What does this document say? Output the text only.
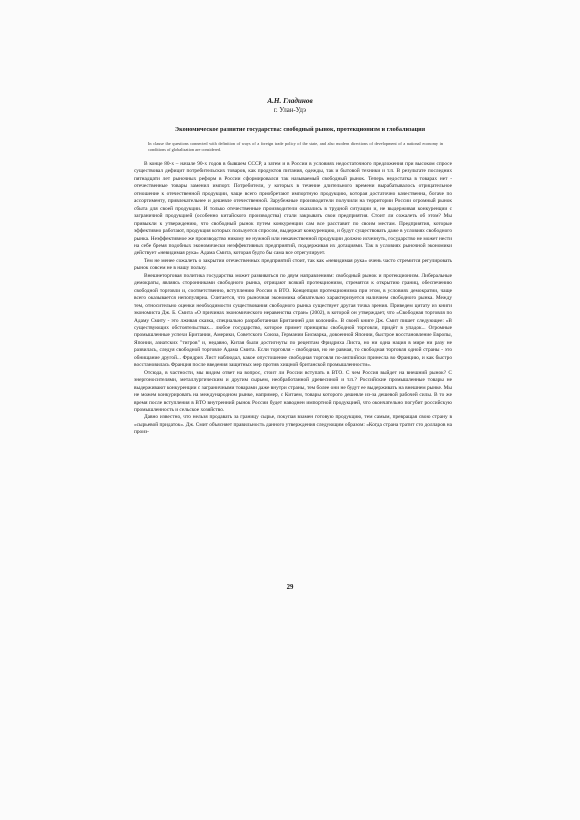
А.Н. Гладинов
г. Улан-Удэ
Экономическое развитие государства: свободный рынок, протекционизм и глобализация
In clause the questions connected with definition of ways of a foreign trade policy of the state, and also modern directions of development of a national economy in conditions of globalization are considered.

В конце 80-х – начале 90-х годов в бывшем СССР, а затем и в России в условиях недостаточного предложения при высоком спросе существовал дефицит потребительских товаров, как продуктов питания, одежды, так и бытовой техники и т.п. В результате последних пятнадцати лет рыночных реформ в России сформировался так называемый свободный рынок. Теперь недостатка в товарах нет - отечественные товары заменил импорт. Потребители, у которых в течение длительного времени вырабатывалось отрицательное отношение к отечественной продукции, чаще всего приобретают импортную продукцию, которая достаточно качественна, богаче по ассортименту, привлекательнее и дешевле отечественной. Зарубежные производители получили на территории России огромный рынок сбыта для своей продукции. И только отечественные производители оказались в трудной ситуации и, не выдерживая конкуренции с заграничной продукцией (особенно китайского производства) стали закрывать свои предприятия. Стоит ли сожалеть об этом? Мы привыкли к утверждению, что свободный рынок путем конкуренции сам все расставит по своим местам. Предприятия, которые эффективно работают, продукция которых пользуется спросом, выдержат конкуренцию, и будут существовать даже в условиях свободного рынка. Неэффективное же производство никому не нужной или некачественной продукции должно исчезнуть, государство не может нести на себе бремя подобных экономически неэффективных предприятий, поддерживая их дотациями. Так в условиях рыночной экономики действует «невидимая рука» Адама Смита, которая будто бы сама все отрегулирует.

Тем не менее сожалеть о закрытии отечественных предприятий стоит, так как «невидимая рука» очень часто стремится регулировать рынок совсем не в нашу пользу.

Внешнеторговая политика государства может развиваться по двум направлениям: свободный рынок и протекционизм. Либеральные демократы, являясь сторонниками свободного рынка, отрицают всякий протекционизм, стремятся к открытию границ, обеспечению свободной торговли и, соответственно, вступлению России в ВТО. Концепция протекционизма при этом, в условиях демократии, чаще всего оказывается непопулярна. Считается, что рыночная экономика обязательно характеризуется наличием свободного рынка. Между тем, относительно оценки необходимости существования свободного рынка существует другая точка зрения. Приведем цитату из книги экономиста Дж. Б. Смита «О причинах экономического неравенства стран» (2002), в которой он утверждает, что «Свободная торговля по Адаму Смиту - это лживая сказка, специально разработанная Британией для колоний». В своей книге Дж. Смит пишет следующее: «В существующих обстоятельствах... любое государство, которое примет принципы свободной торговли, придёт в упадок... Огромные промышленные успехи Британии, Америки, Советского Союза, Германии Бисмарка, довоенной Японии, быстрое восстановление Европы, Японии, азиатских "тигров" и, недавно, Китая были достигнуты по рецептам Фридриха Листа, но ни одна нация в мире ни разу не развилась, следуя свободной торговле Адама Смита. Если торговля - свободная, но не равная, то свободная торговля одной страны - это обнищание другой... Фридрих Лист наблюдал, какое опустошение свободная торговля по-английски принесла во Францию, и как быстро восстановилась Франция после введения защитных мер против хищной британской промышленности».

Отсюда, в частности, мы видим ответ на вопрос, стоит ли России вступать в ВТО. С чем Россия выйдет на внешний рынок? С энергоносителями, металлургическим и другим сырьем, необработанной древесиной и т.п.? Российские промышленные товары не выдерживают конкуренции с заграничными товарами даже внутри страны, тем более они не будут ее выдерживать на внешнем рынке. Мы не можем конкурировать на международном рынке, например, с Китаем, товары которого дешевле из-за дешевой рабочей силы. В то же время после вступления в ВТО внутренний рынок России будет наводнен импортной продукцией, что окончательно погубит российскую промышленность и сельское хозяйство.

Давно известно, что нельзя продавать за границу сырье, покупая взамен готовую продукцию, тем самым, превращая свою страну в «сырьевой придаток». Дж. Смит объясняет правильность данного утверждения следующим образом: «Когда страна тратит сто долларов на произ-

29
